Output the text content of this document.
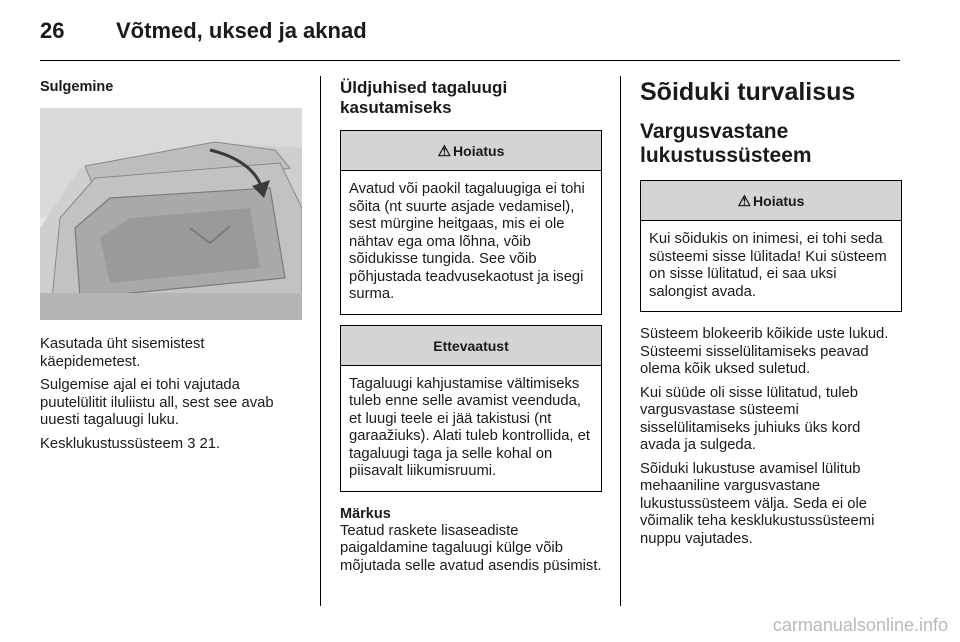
26 Võtmed, uksed ja aknad
Sulgemine
Kasutada üht sisemistest käepidemetest.
Sulgemise ajal ei tohi vajutada puutelülitit iluliistu all, sest see avab uuesti tagaluugi luku.
Kesklukustussüsteem 3 21.
Üldjuhised tagaluugi kasutamiseks
⚠ Hoiatus
Avatud või paokil tagaluugiga ei tohi sõita (nt suurte asjade vedamisel), sest mürgine heitgaas, mis ei ole nähtav ega oma lõhna, võib sõidukisse tungida. See võib põhjustada teadvusekaotust ja isegi surma.
Ettevaatust
Tagaluugi kahjustamise vältimiseks tuleb enne selle avamist veenduda, et luugi teele ei jää takistusi (nt garaažiuks). Alati tuleb kontrollida, et tagaluugi taga ja selle kohal on piisavalt liikumisruumi.
Märkus
Teatud raskete lisaseadiste paigaldamine tagaluugi külge võib mõjutada selle avatud asendis püsimist.
Sõiduki turvalisus
Vargusvastane lukustussüsteem
⚠ Hoiatus
Kui sõidukis on inimesi, ei tohi seda süsteemi sisse lülitada! Kui süsteem on sisse lülitatud, ei saa uksi salongist avada.
Süsteem blokeerib kõikide uste lukud. Süsteemi sisselülitamiseks peavad olema kõik uksed suletud.
Kui süüde oli sisse lülitatud, tuleb vargusvastase süsteemi sisselülitamiseks juhiuks üks kord avada ja sulgeda.
Sõiduki lukustuse avamisel lülitub mehaaniline vargusvastane lukustussüsteem välja. Seda ei ole võimalik teha kesklukustussüsteemi nuppu vajutades.
carmanualsonline.info
